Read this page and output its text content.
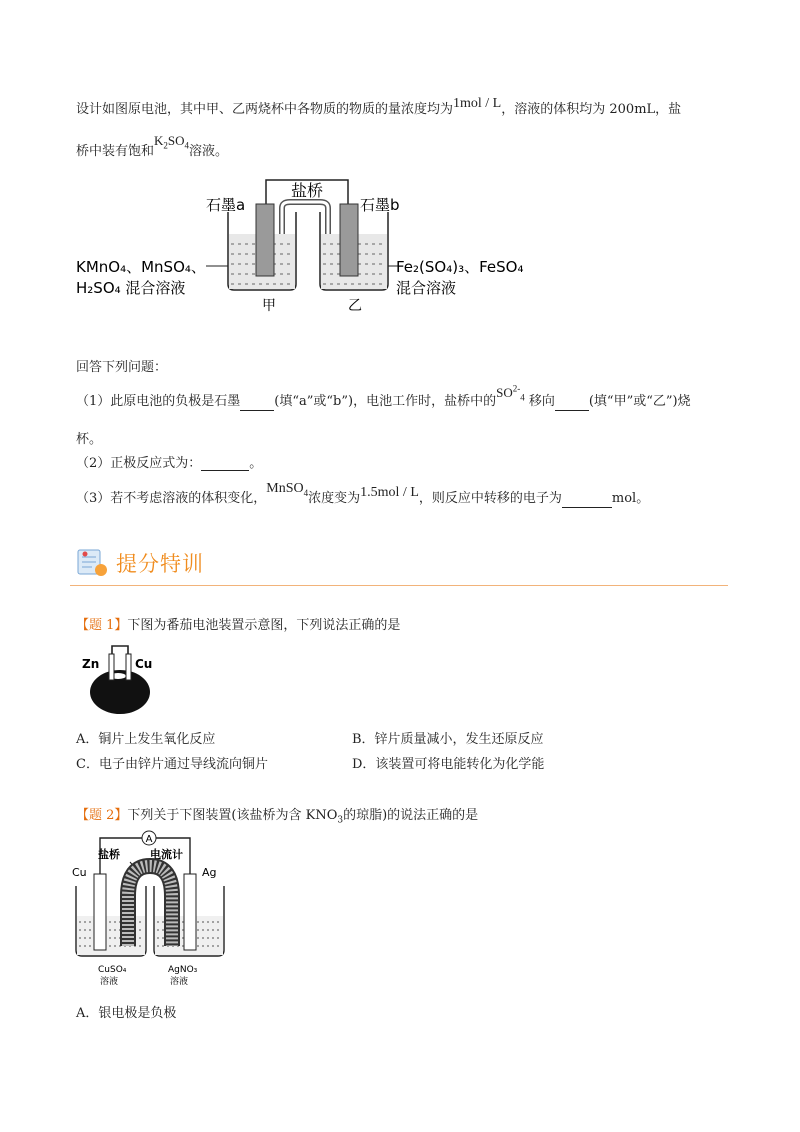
设计如图原电池，其中甲、乙两烧杯中各物质的物质的量浓度均为1mol / L，溶液的体积均为 200mL，盐
桥中装有饱和$K_2SO_4$溶液。
盐桥
石墨a	石墨b
KMnO₄、MnSO₄、
H₂SO₄ 混合溶液
Fe₂(SO₄)₃、FeSO₄
混合溶液
甲	乙
回答下列问题：
（1）此原电池的负极是石墨	(填“a”或“b”)，电池工作时，盐桥中的$SO^{2-}_4$ 移向	(填“甲”或“乙”)烧
杯。
（2）正极反应式为：	。
（3）若不考虑溶液的体积变化，MnSO$_4$浓度变为1.5mol / L，则反应中转移的电子为	mol。
提分特训
【题 1】下图为番茄电池装置示意图，下列说法正确的是
Zn	Cu
A．铜片上发生氧化反应	B．锌片质量减小，发生还原反应
C．电子由锌片通过导线流向铜片	D．该装置可将电能转化为化学能
【题 2】下列关于下图装置(该盐桥为含 $KNO_3$的琼脂)的说法正确的是
A
盐桥	电流计
Cu	Ag
CuSO₄
溶液
AgNO₃
溶液
A．银电极是负极
